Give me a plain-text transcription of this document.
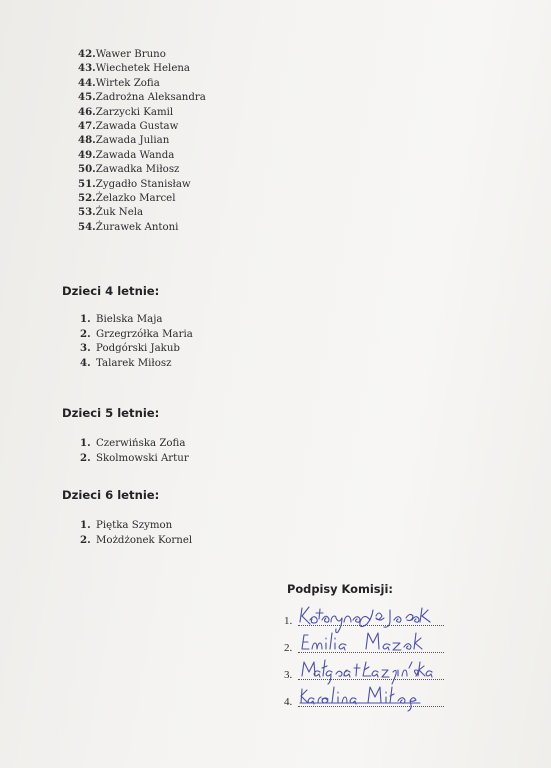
42.Wawer Bruno
43.Wiechetek Helena
44.Wirtek Zofia
45.Zadrożna Aleksandra
46.Zarzycki Kamil
47.Zawada Gustaw
48.Zawada Julian
49.Zawada Wanda
50.Zawadka Miłosz
51.Zygadło Stanisław
52.Żelazko Marcel
53.Żuk Nela
54.Żurawek Antoni
Dzieci 4 letnie:
1. Bielska Maja
2. Grzegrzółka Maria
3. Podgórski Jakub
4. Talarek Miłosz
Dzieci 5 letnie:
1. Czerwińska Zofia
2. Skolmowski Artur
Dzieci 6 letnie:
1. Piętka Szymon
2. Możdżonek Kornel
Podpisy Komisji:
1.
2.
3.
4.
